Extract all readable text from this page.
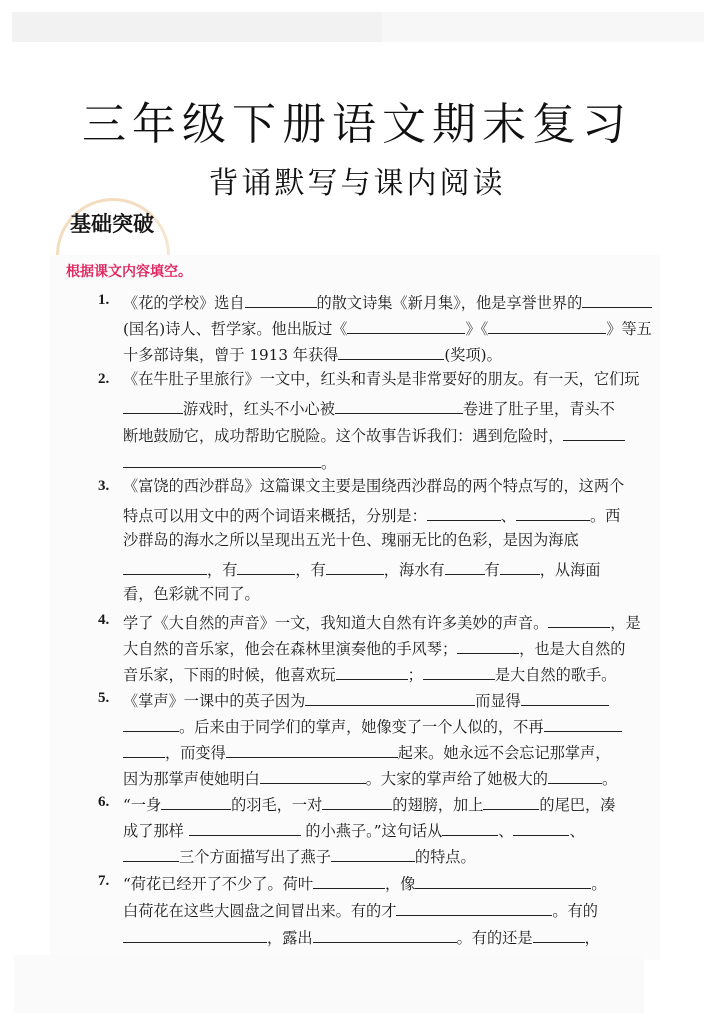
三年级下册语文期末复习
背诵默写与课内阅读
基础突破
根据课文内容填空。
1. 《花的学校》选自	的散文诗集《新月集》，他是享誉世界的
(国名)诗人、哲学家。他出版过《	》《	》等五
十多部诗集，曾于 1913 年获得	(奖项)。
2. 《在牛肚子里旅行》一文中，红头和青头是非常要好的朋友。有一天，它们玩
游戏时，红头不小心被	卷进了肚子里，青头不
断地鼓励它，成功帮助它脱险。这个故事告诉我们：遇到危险时，
。
3. 《富饶的西沙群岛》这篇课文主要是围绕西沙群岛的两个特点写的，这两个
特点可以用文中的两个词语来概括，分别是：	、	。西
沙群岛的海水之所以呈现出五光十色、瑰丽无比的色彩，是因为海底
，有	，有	，海水有	有	，从海面
看，色彩就不同了。
4. 学了《大自然的声音》一文，我知道大自然有许多美妙的声音。	，是
大自然的音乐家，他会在森林里演奏他的手风琴；	，也是大自然的
音乐家，下雨的时候，他喜欢玩	；	是大自然的歌手。
5. 《掌声》一课中的英子因为	而显得
。后来由于同学们的掌声，她像变了一个人似的，不再
，而变得	起来。她永远不会忘记那掌声，
因为那掌声使她明白	。大家的掌声给了她极大的	。
6. “一身	的羽毛，一对	的翅膀，加上	的尾巴，凑
成了那样	的小燕子。”这句话从	、	、
三个方面描写出了燕子	的特点。
7. “荷花已经开了不少了。荷叶	，像	。
白荷花在这些大圆盘之间冒出来。有的才	。有的
，露出	。有的还是	，
